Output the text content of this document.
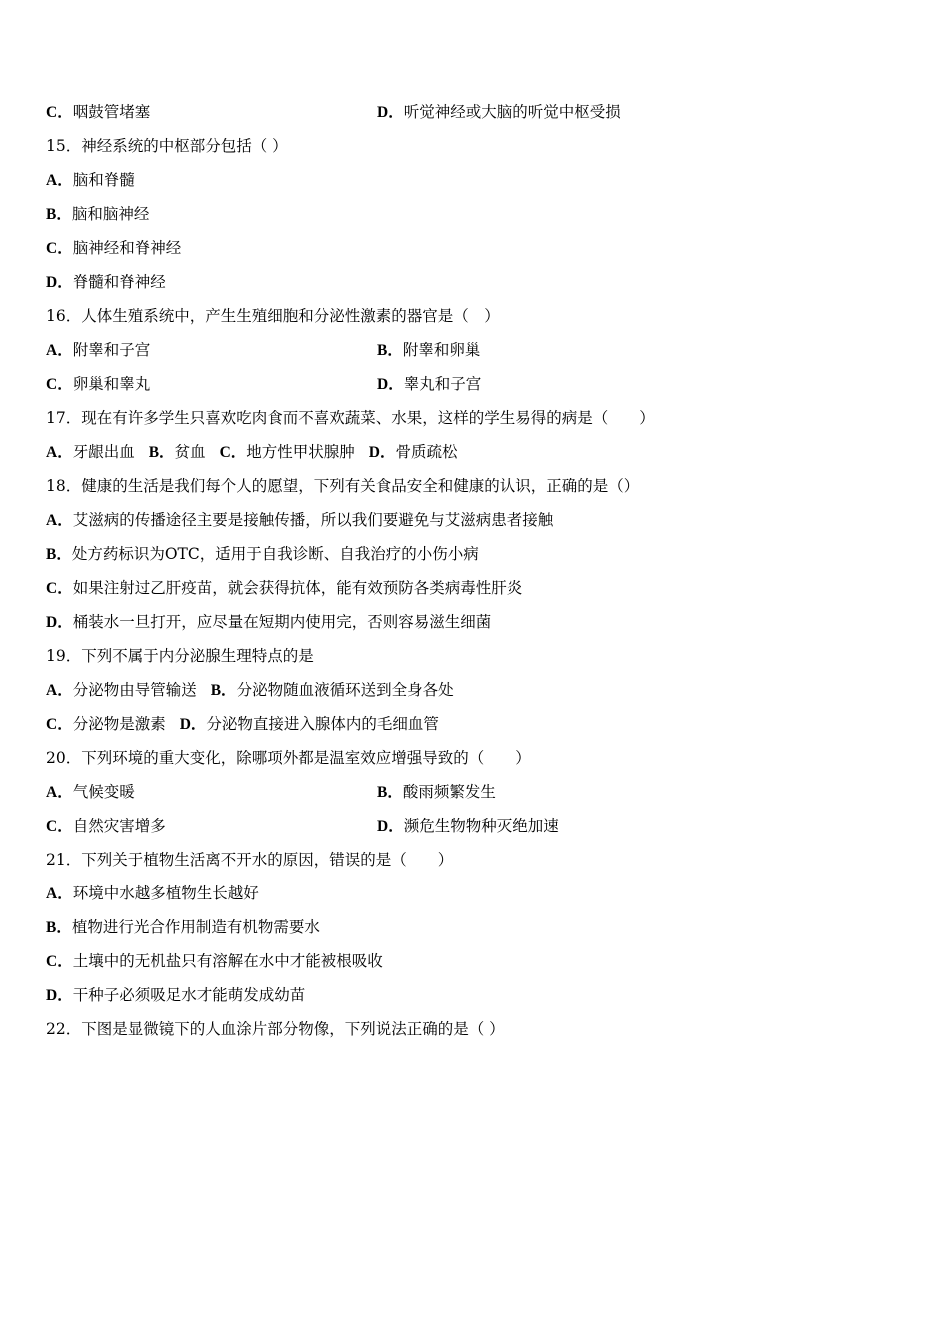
C．咽鼓管堵塞	D．听觉神经或大脑的听觉中枢受损
15．神经系统的中枢部分包括（ ）
A．脑和脊髓
B．脑和脑神经
C．脑神经和脊神经
D．脊髓和脊神经
16．人体生殖系统中，产生生殖细胞和分泌性激素的器官是（　）
A．附睾和子宫	B．附睾和卵巢
C．卵巢和睾丸	D．睾丸和子宫
17．现在有许多学生只喜欢吃肉食而不喜欢蔬菜、水果，这样的学生易得的病是（　　）
A．牙龈出血 B．贫血 C．地方性甲状腺肿 D．骨质疏松
18．健康的生活是我们每个人的愿望，下列有关食品安全和健康的认识，正确的是（）
A．艾滋病的传播途径主要是接触传播，所以我们要避免与艾滋病患者接触
B．处方药标识为OTC，适用于自我诊断、自我治疗的小伤小病
C．如果注射过乙肝疫苗，就会获得抗体，能有效预防各类病毒性肝炎
D．桶装水一旦打开，应尽量在短期内使用完，否则容易滋生细菌
19．下列不属于内分泌腺生理特点的是
A．分泌物由导管输送 B．分泌物随血液循环送到全身各处
C．分泌物是激素 D．分泌物直接进入腺体内的毛细血管
20．下列环境的重大变化，除哪项外都是温室效应增强导致的（　　）
A．气候变暖	B．酸雨频繁发生
C．自然灾害增多	D．濒危生物物种灭绝加速
21．下列关于植物生活离不开水的原因，错误的是（　　）
A．环境中水越多植物生长越好
B．植物进行光合作用制造有机物需要水
C．土壤中的无机盐只有溶解在水中才能被根吸收
D．干种子必须吸足水才能萌发成幼苗
22．下图是显微镜下的人血涂片部分物像，下列说法正确的是（ ）
